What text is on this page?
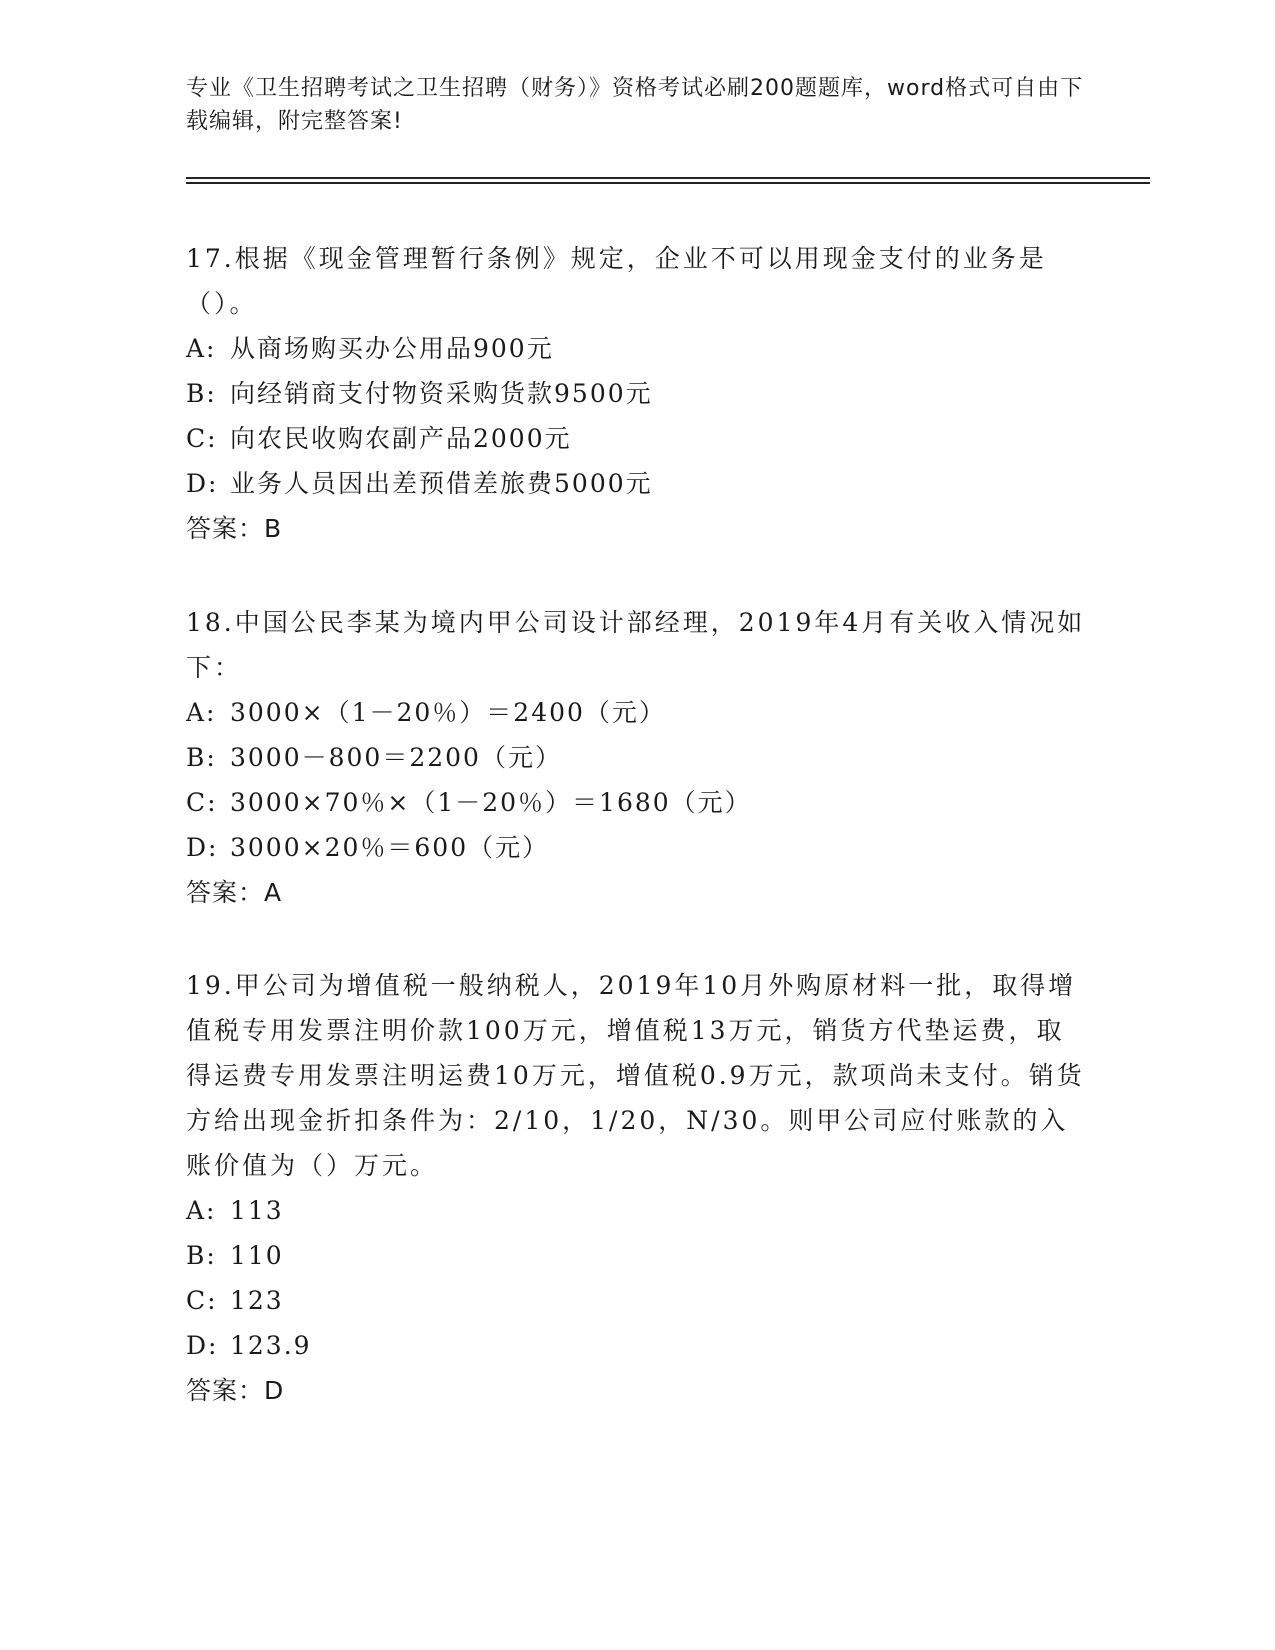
专业《卫生招聘考试之卫生招聘（财务）》资格考试必刷200题题库，word格式可自由下载编辑，附完整答案!

17.根据《现金管理暂行条例》规定，企业不可以用现金支付的业务是（）。

A: 从商场购买办公用品900元
B: 向经销商支付物资采购货款9500元
C: 向农民收购农副产品2000元
D: 业务人员因出差预借差旅费5000元

答案：B

18.中国公民李某为境内甲公司设计部经理，2019年4月有关收入情况如下：

A: 3000×（1－20％）＝2400（元）
B: 3000－800＝2200（元）
C: 3000×70％×（1－20％）＝1680（元）
D: 3000×20％＝600（元）

答案：A

19.甲公司为增值税一般纳税人，2019年10月外购原材料一批，取得增值税专用发票注明价款100万元，增值税13万元，销货方代垫运费，取得运费专用发票注明运费10万元，增值税0.9万元，款项尚未支付。销货方给出现金折扣条件为：2/10，1/20，N/30。则甲公司应付账款的入账价值为（）万元。

A: 113
B: 110
C: 123
D: 123.9

答案：D
